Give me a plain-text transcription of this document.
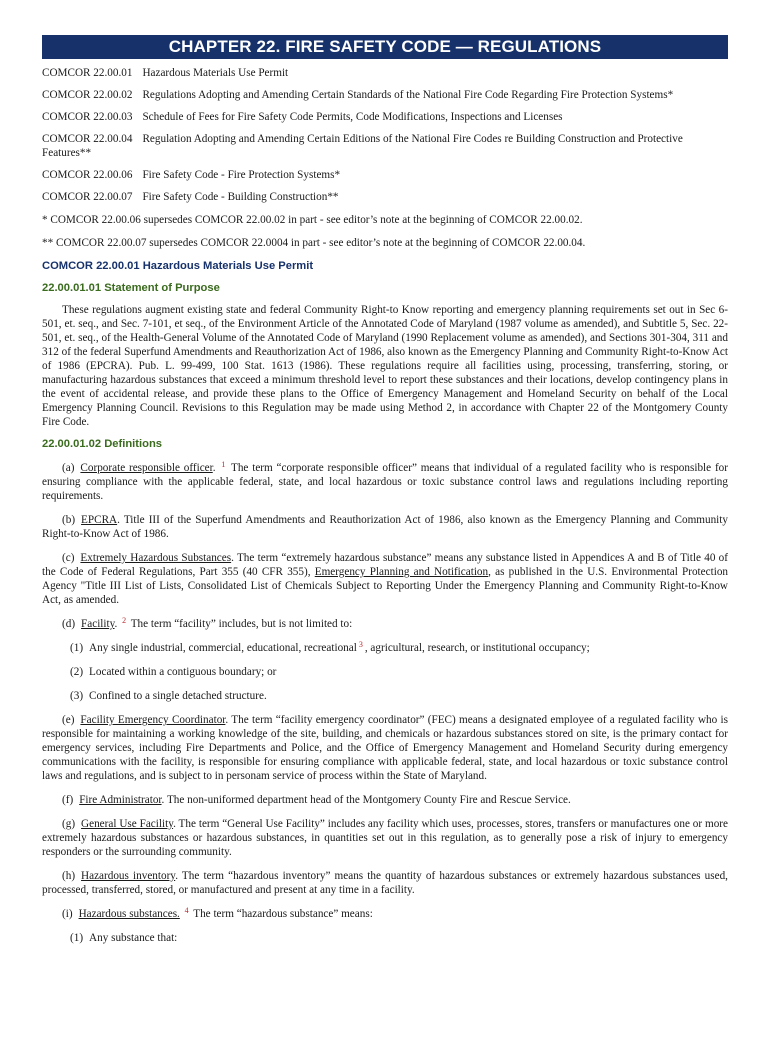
CHAPTER 22. FIRE SAFETY CODE — REGULATIONS

COMCOR 22.00.01 Hazardous Materials Use Permit

COMCOR 22.00.02 Regulations Adopting and Amending Certain Standards of the National Fire Code Regarding Fire Protection Systems*

COMCOR 22.00.03 Schedule of Fees for Fire Safety Code Permits, Code Modifications, Inspections and Licenses

COMCOR 22.00.04 Regulation Adopting and Amending Certain Editions of the National Fire Codes re Building Construction and Protective Features**

COMCOR 22.00.06 Fire Safety Code - Fire Protection Systems*

COMCOR 22.00.07 Fire Safety Code - Building Construction**

* COMCOR 22.00.06 supersedes COMCOR 22.00.02 in part - see editor’s note at the beginning of COMCOR 22.00.02.

** COMCOR 22.00.07 supersedes COMCOR 22.0004 in part - see editor’s note at the beginning of COMCOR 22.00.04.

COMCOR 22.00.01 Hazardous Materials Use Permit
22.00.01.01 Statement of Purpose

These regulations augment existing state and federal Community Right-to Know reporting and emergency planning requirements set out in Sec 6-501, et. seq., and Sec. 7-101, et seq., of the Environment Article of the Annotated Code of Maryland (1987 volume as amended), and Subtitle 5, Sec. 22-501, et. seq., of the Health-General Volume of the Annotated Code of Maryland (1990 Replacement volume as amended), and Sections 301-304, 311 and 312 of the federal Superfund Amendments and Reauthorization Act of 1986, also known as the Emergency Planning and Community Right-to-Know Act of 1986 (EPCRA). Pub. L. 99-499, 100 Stat. 1613 (1986). These regulations require all facilities using, processing, transferring, storing, or manufacturing hazardous substances that exceed a minimum threshold level to report these substances and their locations, develop contingency plans in the event of accidental release, and provide these plans to the Office of Emergency Management and Homeland Security on behalf of the Local Emergency Planning Council. Revisions to this Regulation may be made using Method 2, in accordance with Chapter 22 of the Montgomery County Fire Code.

22.00.01.02 Definitions

(a) Corporate responsible officer. $^1$ The term “corporate responsible officer” means that individual of a regulated facility who is responsible for ensuring compliance with the applicable federal, state, and local hazardous or toxic substance control laws and regulations including reporting requirements.

(b) EPCRA. Title III of the Superfund Amendments and Reauthorization Act of 1986, also known as the Emergency Planning and Community Right-to-Know Act of 1986.

(c) Extremely Hazardous Substances. The term “extremely hazardous substance” means any substance listed in Appendices A and B of Title 40 of the Code of Federal Regulations, Part 355 (40 CFR 355), Emergency Planning and Notification, as published in the U.S. Environmental Protection Agency "Title III List of Lists, Consolidated List of Chemicals Subject to Reporting Under the Emergency Planning and Community Right-to-Know Act, as amended.

(d) Facility. $^2$ The term “facility” includes, but is not limited to:

(1) Any single industrial, commercial, educational, recreational $^3$ , agricultural, research, or institutional occupancy;

(2) Located within a contiguous boundary; or

(3) Confined to a single detached structure.

(e) Facility Emergency Coordinator. The term “facility emergency coordinator” (FEC) means a designated employee of a regulated facility who is responsible for maintaining a working knowledge of the site, building, and chemicals or hazardous substances stored on site, is the primary contact for emergency services, including Fire Departments and Police, and the Office of Emergency Management and Homeland Security during emergency communications with the facility, is responsible for ensuring compliance with applicable federal, state, and local hazardous or toxic substance control laws and regulations, and is subject to in personam service of process within the State of Maryland.

(f) Fire Administrator. The non-uniformed department head of the Montgomery County Fire and Rescue Service.

(g) General Use Facility. The term “General Use Facility” includes any facility which uses, processes, stores, transfers or manufactures one or more extremely hazardous substances or hazardous substances, in quantities set out in this regulation, as to generally pose a risk of injury to emergency responders or the surrounding community.

(h) Hazardous inventory. The term “hazardous inventory” means the quantity of hazardous substances or extremely hazardous substances used, processed, transferred, stored, or manufactured and present at any time in a facility.

(i) Hazardous substances. $^4$ The term “hazardous substance” means:

(1) Any substance that:
